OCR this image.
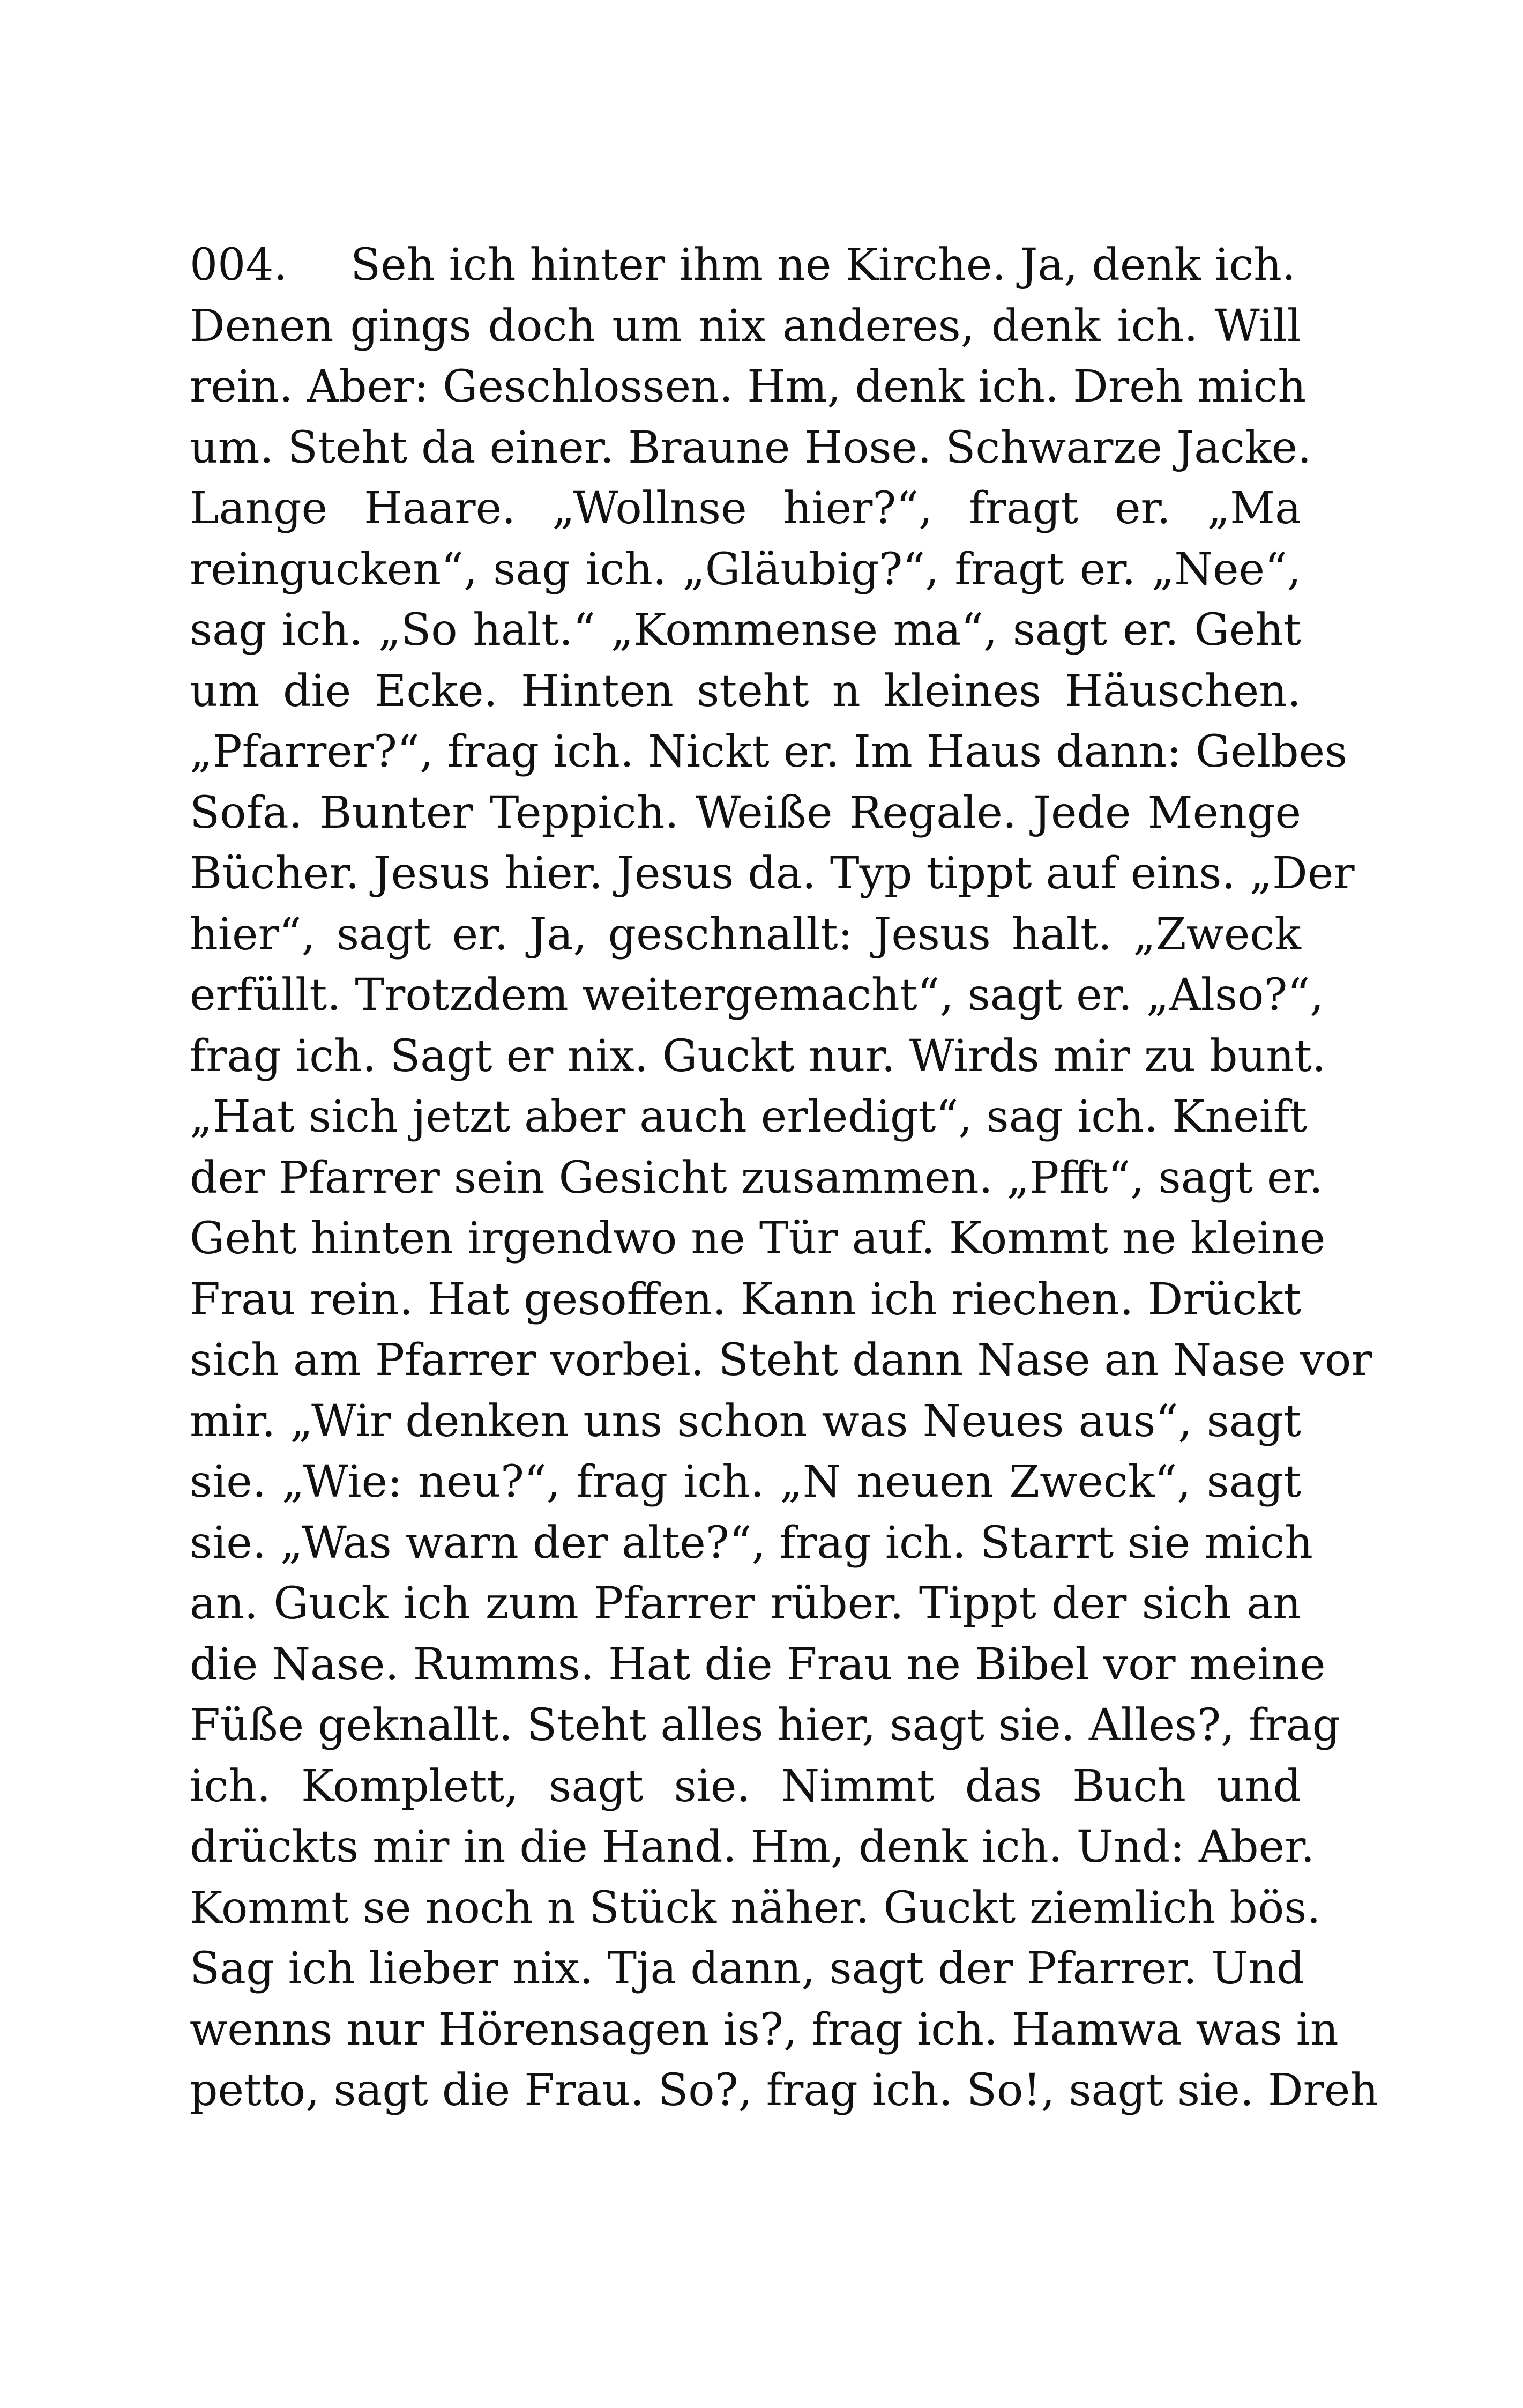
004. Seh ich hinter ihm ne Kirche. Ja, denk ich.
Denen gings doch um nix anderes, denk ich. Will
rein. Aber: Geschlossen. Hm, denk ich. Dreh mich
um. Steht da einer. Braune Hose. Schwarze Jacke.
Lange Haare. „Wollnse hier?“, fragt er. „Ma
reingucken“, sag ich. „Gläubig?“, fragt er. „Nee“,
sag ich. „So halt.“ „Kommense ma“, sagt er. Geht
um die Ecke. Hinten steht n kleines Häuschen.
„Pfarrer?“, frag ich. Nickt er. Im Haus dann: Gelbes
Sofa. Bunter Teppich. Weiße Regale. Jede Menge
Bücher. Jesus hier. Jesus da. Typ tippt auf eins. „Der
hier“, sagt er. Ja, geschnallt: Jesus halt. „Zweck
erfüllt. Trotzdem weitergemacht“, sagt er. „Also?“,
frag ich. Sagt er nix. Guckt nur. Wirds mir zu bunt.
„Hat sich jetzt aber auch erledigt“, sag ich. Kneift
der Pfarrer sein Gesicht zusammen. „Pfft“, sagt er.
Geht hinten irgendwo ne Tür auf. Kommt ne kleine
Frau rein. Hat gesoffen. Kann ich riechen. Drückt
sich am Pfarrer vorbei. Steht dann Nase an Nase vor
mir. „Wir denken uns schon was Neues aus“, sagt
sie. „Wie: neu?“, frag ich. „N neuen Zweck“, sagt
sie. „Was warn der alte?“, frag ich. Starrt sie mich
an. Guck ich zum Pfarrer rüber. Tippt der sich an
die Nase. Rumms. Hat die Frau ne Bibel vor meine
Füße geknallt. Steht alles hier, sagt sie. Alles?, frag
ich. Komplett, sagt sie. Nimmt das Buch und
drückts mir in die Hand. Hm, denk ich. Und: Aber.
Kommt se noch n Stück näher. Guckt ziemlich bös.
Sag ich lieber nix. Tja dann, sagt der Pfarrer. Und
wenns nur Hörensagen is?, frag ich. Hamwa was in
petto, sagt die Frau. So?, frag ich. So!, sagt sie. Dreh
